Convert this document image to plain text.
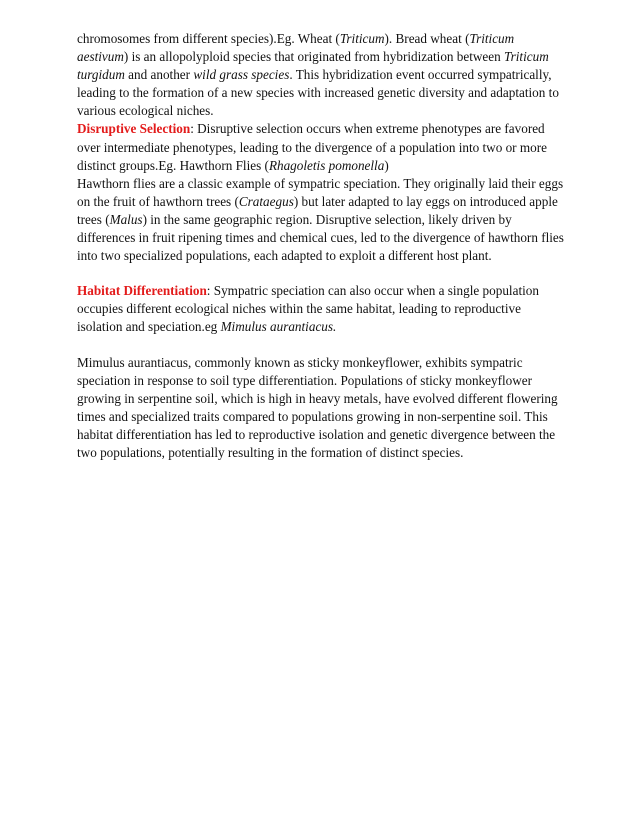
chromosomes from different species).Eg. Wheat (Triticum). Bread wheat (Triticum aestivum) is an allopolyploid species that originated from hybridization between Triticum turgidum and another wild grass species. This hybridization event occurred sympatrically, leading to the formation of a new species with increased genetic diversity and adaptation to various ecological niches.

Disruptive Selection: Disruptive selection occurs when extreme phenotypes are favored over intermediate phenotypes, leading to the divergence of a population into two or more distinct groups.Eg. Hawthorn Flies (Rhagoletis pomonella)

Hawthorn flies are a classic example of sympatric speciation. They originally laid their eggs on the fruit of hawthorn trees (Crataegus) but later adapted to lay eggs on introduced apple trees (Malus) in the same geographic region. Disruptive selection, likely driven by differences in fruit ripening times and chemical cues, led to the divergence of hawthorn flies into two specialized populations, each adapted to exploit a different host plant.

Habitat Differentiation: Sympatric speciation can also occur when a single population occupies different ecological niches within the same habitat, leading to reproductive isolation and speciation.eg Mimulus aurantiacus.

Mimulus aurantiacus, commonly known as sticky monkeyflower, exhibits sympatric speciation in response to soil type differentiation. Populations of sticky monkeyflower growing in serpentine soil, which is high in heavy metals, have evolved different flowering times and specialized traits compared to populations growing in non-serpentine soil. This habitat differentiation has led to reproductive isolation and genetic divergence between the two populations, potentially resulting in the formation of distinct species.
